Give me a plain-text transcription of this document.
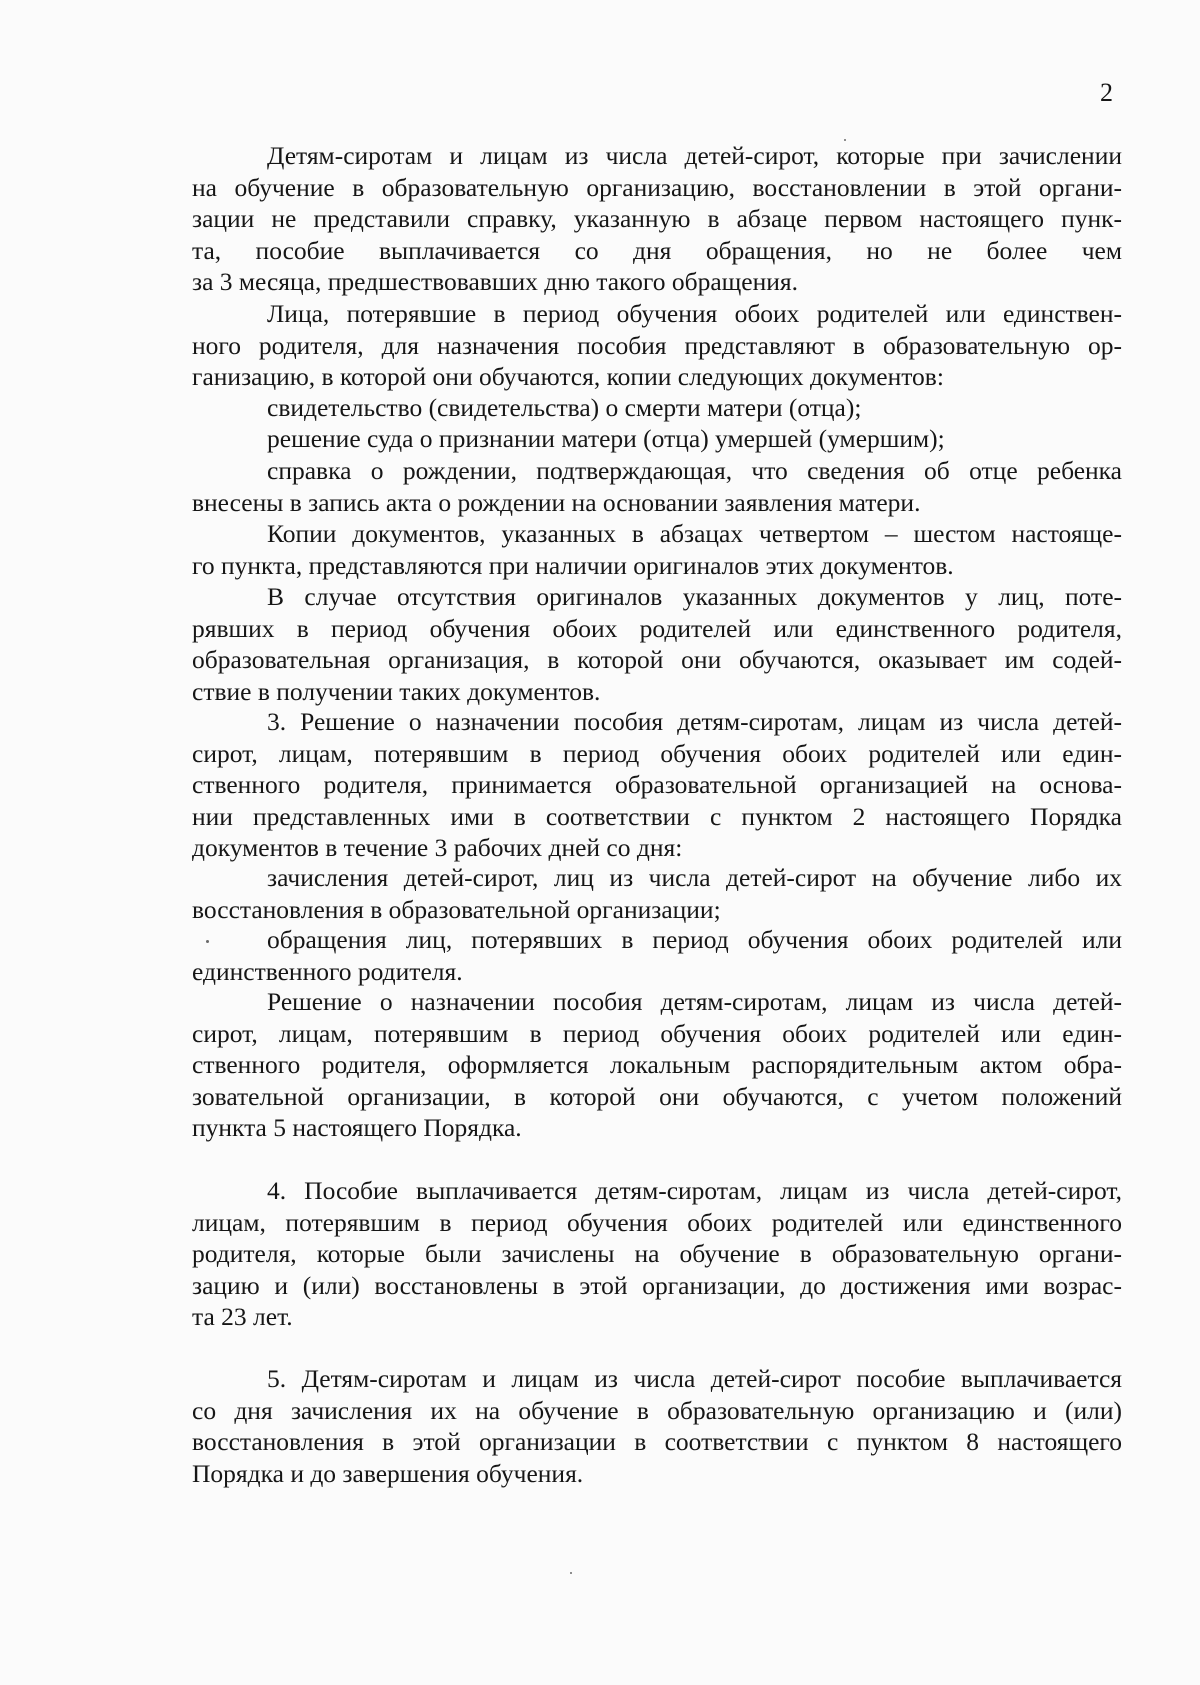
2
Детям-сиротам и лицам из числа детей-сирот, которые при зачислении
на обучение в образовательную организацию, восстановлении в этой органи-
зации не представили справку, указанную в абзаце первом настоящего пунк-
та, пособие выплачивается со дня обращения, но не более чем
за 3 месяца, предшествовавших дню такого обращения.
Лица, потерявшие в период обучения обоих родителей или единствен-
ного родителя, для назначения пособия представляют в образовательную ор-
ганизацию, в которой они обучаются, копии следующих документов:
свидетельство (свидетельства) о смерти матери (отца);
решение суда о признании матери (отца) умершей (умершим);
справка о рождении, подтверждающая, что сведения об отце ребенка
внесены в запись акта о рождении на основании заявления матери.
Копии документов, указанных в абзацах четвертом – шестом настояще-
го пункта, представляются при наличии оригиналов этих документов.
В случае отсутствия оригиналов указанных документов у лиц, поте-
рявших в период обучения обоих родителей или единственного родителя,
образовательная организация, в которой они обучаются, оказывает им содей-
ствие в получении таких документов.
3. Решение о назначении пособия детям-сиротам, лицам из числа детей-
сирот, лицам, потерявшим в период обучения обоих родителей или един-
ственного родителя, принимается образовательной организацией на основа-
нии представленных ими в соответствии с пунктом 2 настоящего Порядка
документов в течение 3 рабочих дней со дня:
зачисления детей-сирот, лиц из числа детей-сирот на обучение либо их
восстановления в образовательной организации;
обращения лиц, потерявших в период обучения обоих родителей или
единственного родителя.
Решение о назначении пособия детям-сиротам, лицам из числа детей-
сирот, лицам, потерявшим в период обучения обоих родителей или един-
ственного родителя, оформляется локальным распорядительным актом обра-
зовательной организации, в которой они обучаются, с учетом положений
пункта 5 настоящего Порядка.
4. Пособие выплачивается детям-сиротам, лицам из числа детей-сирот,
лицам, потерявшим в период обучения обоих родителей или единственного
родителя, которые были зачислены на обучение в образовательную органи-
зацию и (или) восстановлены в этой организации, до достижения ими возрас-
та 23 лет.
5. Детям-сиротам и лицам из числа детей-сирот пособие выплачивается
со дня зачисления их на обучение в образовательную организацию и (или)
восстановления в этой организации в соответствии с пунктом 8 настоящего
Порядка и до завершения обучения.
